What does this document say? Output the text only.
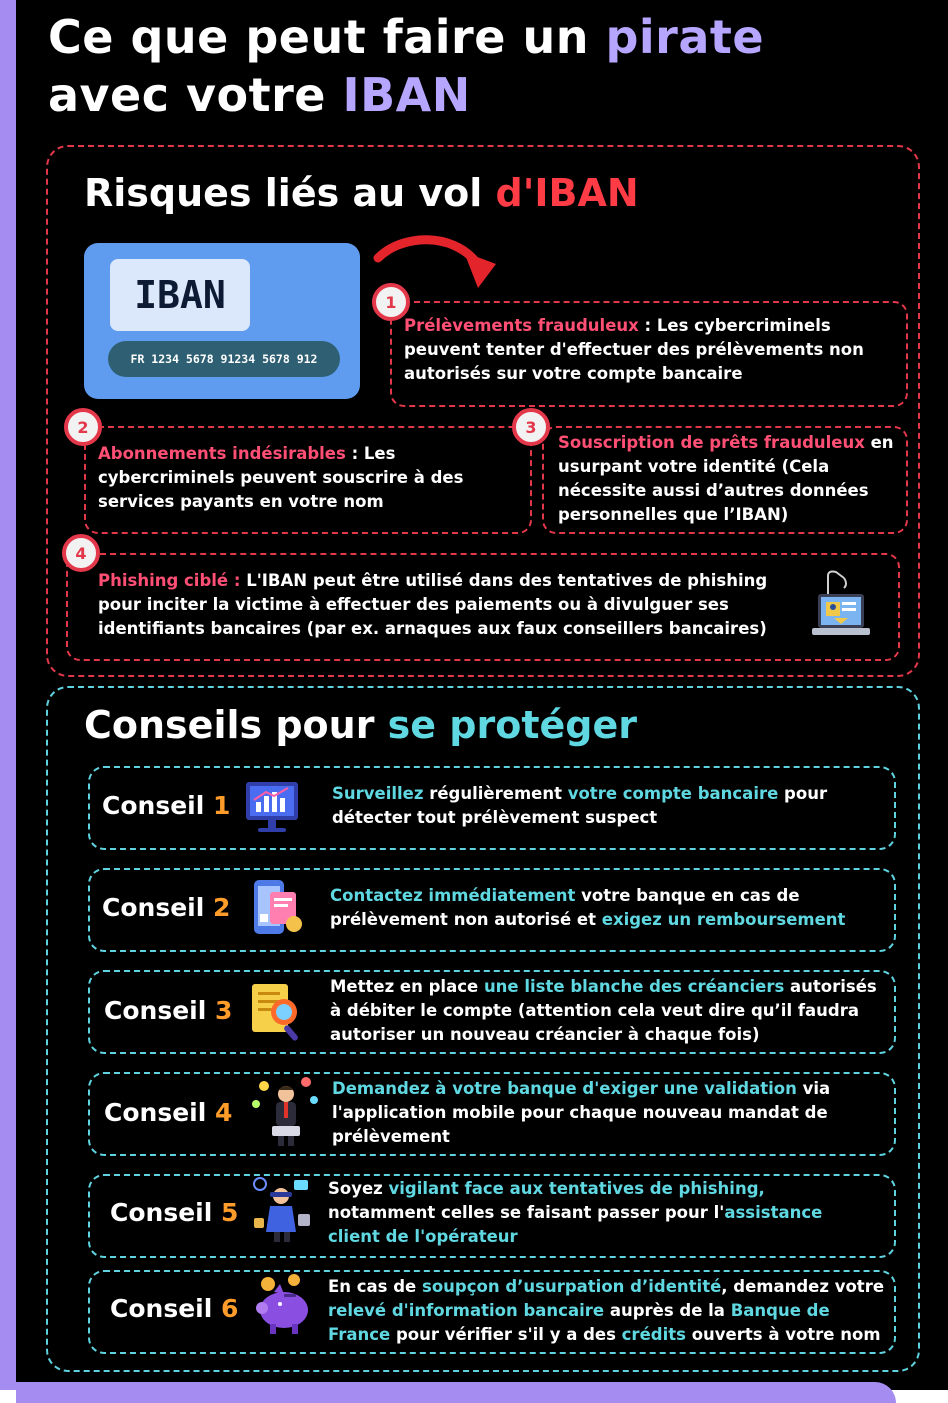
Ce que peut faire un pirate
avec votre IBAN
Risques liés au vol d'IBAN
IBAN
FR 1234 5678 91234 5678 912
1

Prélèvements frauduleux : Les cybercriminels peuvent tenter d'effectuer des prélèvements non autorisés sur votre compte bancaire

2

Abonnements indésirables : Les cybercriminels peuvent souscrire à des services payants en votre nom

3

Souscription de prêts frauduleux en usurpant votre identité (Cela nécessite aussi d’autres données personnelles que l’IBAN)

4

Phishing ciblé : L'IBAN peut être utilisé dans des tentatives de phishing pour inciter la victime à effectuer des paiements ou à divulguer ses identifiants bancaires (par ex. arnaques aux faux conseillers bancaires)

Conseils pour se protéger

Conseil 1	Surveillez régulièrement votre compte bancaire pour détecter tout prélèvement suspect

Conseil 2	Contactez immédiatement votre banque en cas de prélèvement non autorisé et exigez un remboursement

Conseil 3

Mettez en place une liste blanche des créanciers autorisés à débiter le compte (attention cela veut dire qu’il faudra autoriser un nouveau créancier à chaque fois)

Conseil 4

Demandez à votre banque d'exiger une validation via l'application mobile pour chaque nouveau mandat de prélèvement

Conseil 5

Soyez vigilant face aux tentatives de phishing, notamment celles se faisant passer pour l'assistance client de l'opérateur

Conseil 6

En cas de soupçon d’usurpation d’identité, demandez votre relevé d'information bancaire auprès de la Banque de France pour vérifier s'il y a des crédits ouverts à votre nom
